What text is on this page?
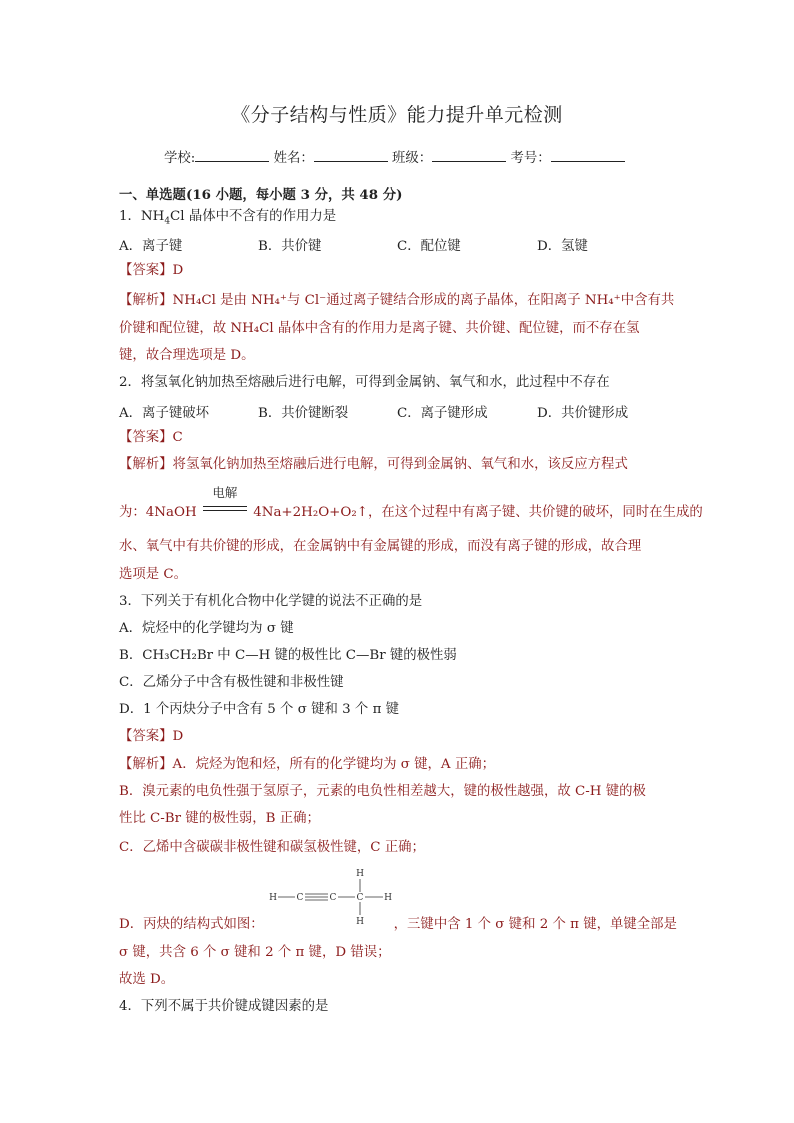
《分子结构与性质》能力提升单元检测
学校:	姓名：	班级：	考号：
一、单选题(16 小题，每小题 3 分，共 48 分)
1．$NH_4Cl$ 晶体中不含有的作用力是
A．离子键	B．共价键	C．配位键	D．氢键
【答案】D
【解析】NH₄Cl 是由 NH₄⁺与 Cl⁻通过离子键结合形成的离子晶体，在阳离子 NH₄⁺中含有共
价键和配位键，故 NH₄Cl 晶体中含有的作用力是离子键、共价键、配位键，而不存在氢
键，故合理选项是 D。
2．将氢氧化钠加热至熔融后进行电解，可得到金属钠、氧气和水，此过程中不存在
A．离子键破坏	B．共价键断裂	C．离子键形成	D．共价键形成
【答案】C
【解析】将氢氧化钠加热至熔融后进行电解，可得到金属钠、氧气和水，该反应方程式
为：4NaOH
电解
4Na+2H₂O+O₂↑，在这个过程中有离子键、共价键的破坏，同时在生成的
水、氧气中有共价键的形成，在金属钠中有金属键的形成，而没有离子键的形成，故合理
选项是 C。
3．下列关于有机化合物中化学键的说法不正确的是
A．烷烃中的化学键均为 σ 键
B．CH₃CH₂Br 中 C—H 键的极性比 C—Br 键的极性弱
C．乙烯分子中含有极性键和非极性键
D．1 个丙炔分子中含有 5 个 σ 键和 3 个 π 键
【答案】D
【解析】A．烷烃为饱和烃，所有的化学键均为 σ 键，A 正确；
B．溴元素的电负性强于氢原子，元素的电负性相差越大，键的极性越强，故 C-H 键的极
性比 C-Br 键的极性弱，B 正确；
C．乙烯中含碳碳非极性键和碳氢极性键，C 正确；
H C	C C
H
H
H
D．丙炔的结构式如图：	，三键中含 1 个 σ 键和 2 个 π 键，单键全部是
σ 键，共含 6 个 σ 键和 2 个 π 键，D 错误；
故选 D。
4．下列不属于共价键成键因素的是
